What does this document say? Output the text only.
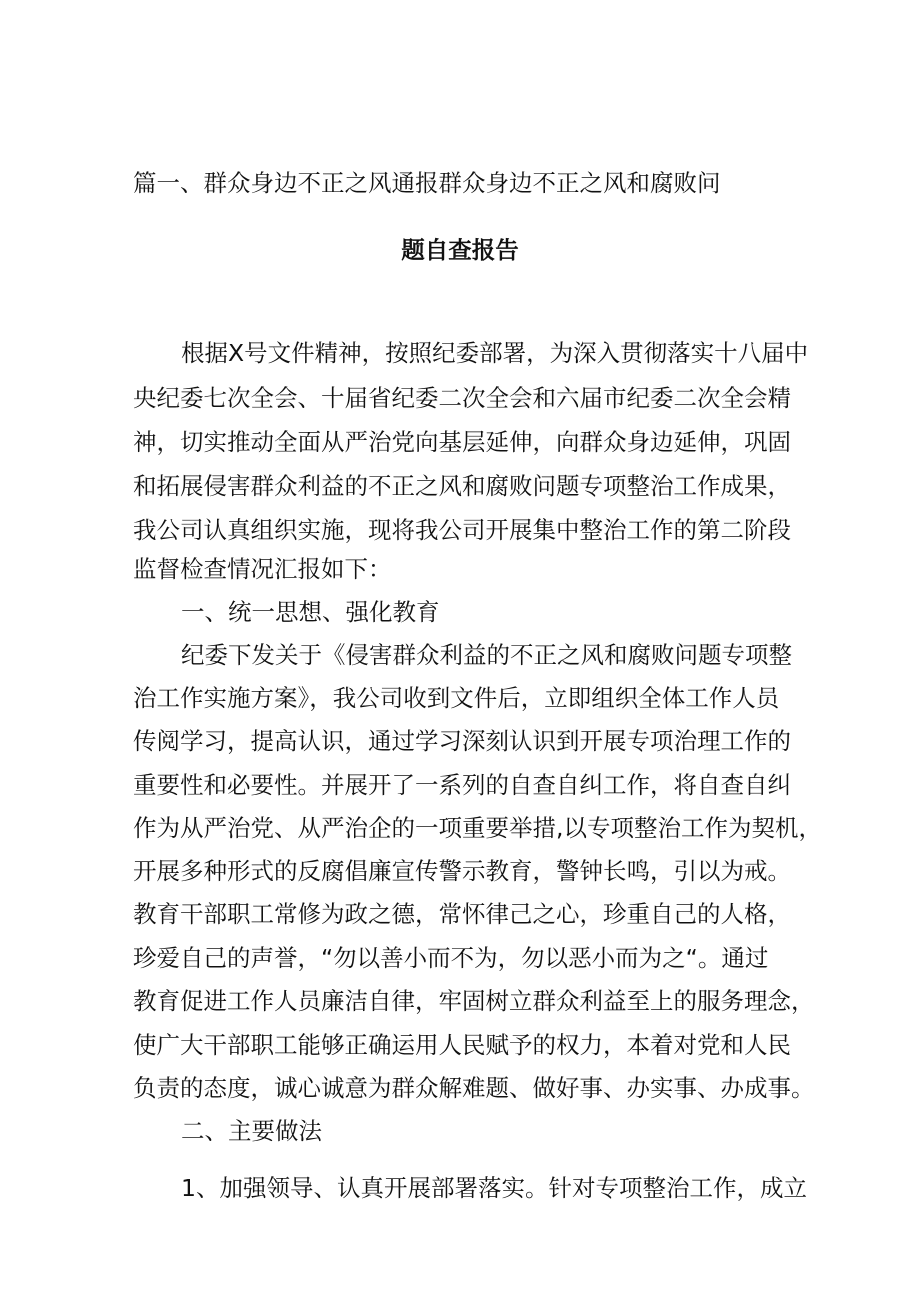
篇一、群众身边不正之风通报群众身边不正之风和腐败问
题自查报告
根据X号文件精神，按照纪委部署，为深入贯彻落实十八届中
央纪委七次全会、十届省纪委二次全会和六届市纪委二次全会精
神，切实推动全面从严治党向基层延伸，向群众身边延伸，巩固
和拓展侵害群众利益的不正之风和腐败问题专项整治工作成果，
我公司认真组织实施，现将我公司开展集中整治工作的第二阶段
监督检查情况汇报如下：
一、统一思想、强化教育
纪委下发关于《侵害群众利益的不正之风和腐败问题专项整
治工作实施方案》，我公司收到文件后，立即组织全体工作人员
传阅学习，提高认识，通过学习深刻认识到开展专项治理工作的
重要性和必要性。并展开了一系列的自查自纠工作，将自查自纠
作为从严治党、从严治企的一项重要举措,以专项整治工作为契机，
开展多种形式的反腐倡廉宣传警示教育，警钟长鸣，引以为戒。
教育干部职工常修为政之德，常怀律己之心，珍重自己的人格，
珍爱自己的声誉，“勿以善小而不为，勿以恶小而为之“。通过
教育促进工作人员廉洁自律，牢固树立群众利益至上的服务理念，
使广大干部职工能够正确运用人民赋予的权力，本着对党和人民
负责的态度，诚心诚意为群众解难题、做好事、办实事、办成事。
二、主要做法
1、加强领导、认真开展部署落实。针对专项整治工作，成立
